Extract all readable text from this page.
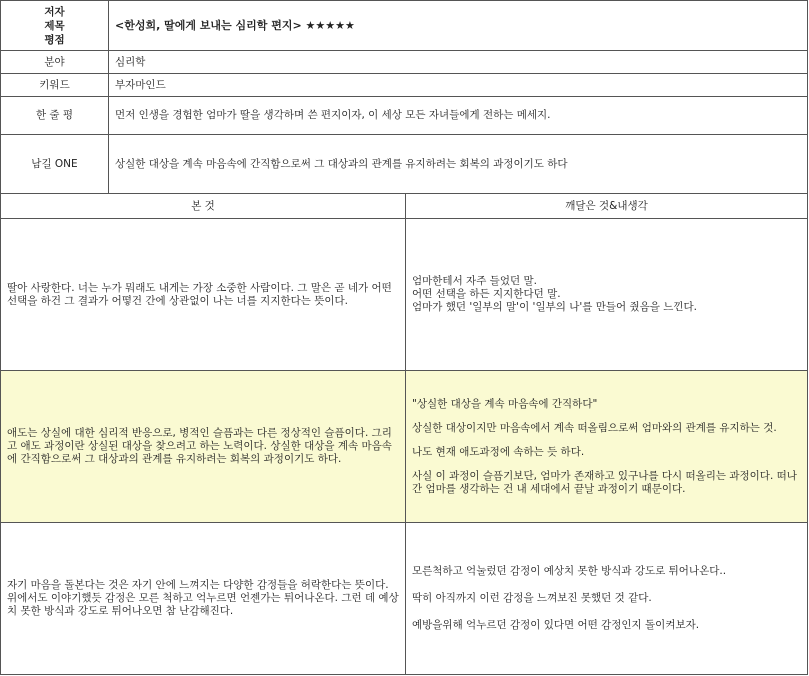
저자
제목
평점	<한성희, 딸에게 보내는 심리학 편지> ★★★★★	
분야	심리학	
키워드	부자마인드	
한 줄 평	먼저 인생을 경험한 엄마가 딸을 생각하며 쓴 편지이자, 이 세상 모든 자녀들에게 전하는 메세지.	
남길 ONE	상실한 대상을 계속 마음속에 간직함으로써 그 대상과의 관계를 유지하려는 회복의 과정이기도 하다	
본 것		깨달은 것&내생각

딸아 사랑한다. 너는 누가 뭐래도 내게는 가장 소중한 사람이다. 그 말은 곧 네가 어떤 선택을 하건 그 결과가 어떻건 간에 상관없이 나는 너를 지지한다는 뜻이다.		엄마한테서 자주 들었던 말.

어떤 선택을 하든 지지한다던 말.

엄마가 했던 '일부의 말'이 '일부의 나'를 만들어 줬음을 느낀다.

애도는 상실에 대한 심리적 반응으로, 병적인 슬픔과는 다른 정상적인 슬픔이다. 그리고 애도 과정이란 상실된 대상을 찾으려고 하는 노력이다. 상실한 대상을 계속 마음속에 간직함으로써 그 대상과의 관계를 유지하려는 회복의 과정이기도 하다.		"상실한 대상을 계속 마음속에 간직하다"

상실한 대상이지만 마음속에서 계속 떠올림으로써 엄마와의 관계를 유지하는 것.

나도 현재 애도과정에 속하는 듯 하다.

사실 이 과정이 슬픔기보단, 엄마가 존재하고 있구나를 다시 떠올리는 과정이다. 떠나간 엄마를 생각하는 건 내 세대에서 끝날 과정이기 때문이다.

자기 마음을 돌본다는 것은 자기 안에 느껴지는 다양한 감정들을 허락한다는 뜻이다. 위에서도 이야기했듯 감정은 모른 척하고 억누르면 언젠가는 튀어나온다. 그런 데 예상치 못한 방식과 강도로 튀어나오면 참 난감해진다.		모른척하고 억눌렀던 감정이 예상치 못한 방식과 강도로 튀어나온다..

딱히 아직까지 이런 감정을 느껴보진 못했던 것 같다.

예방을위해 억누르던 감정이 있다면 어떤 감정인지 돌이켜보자.
